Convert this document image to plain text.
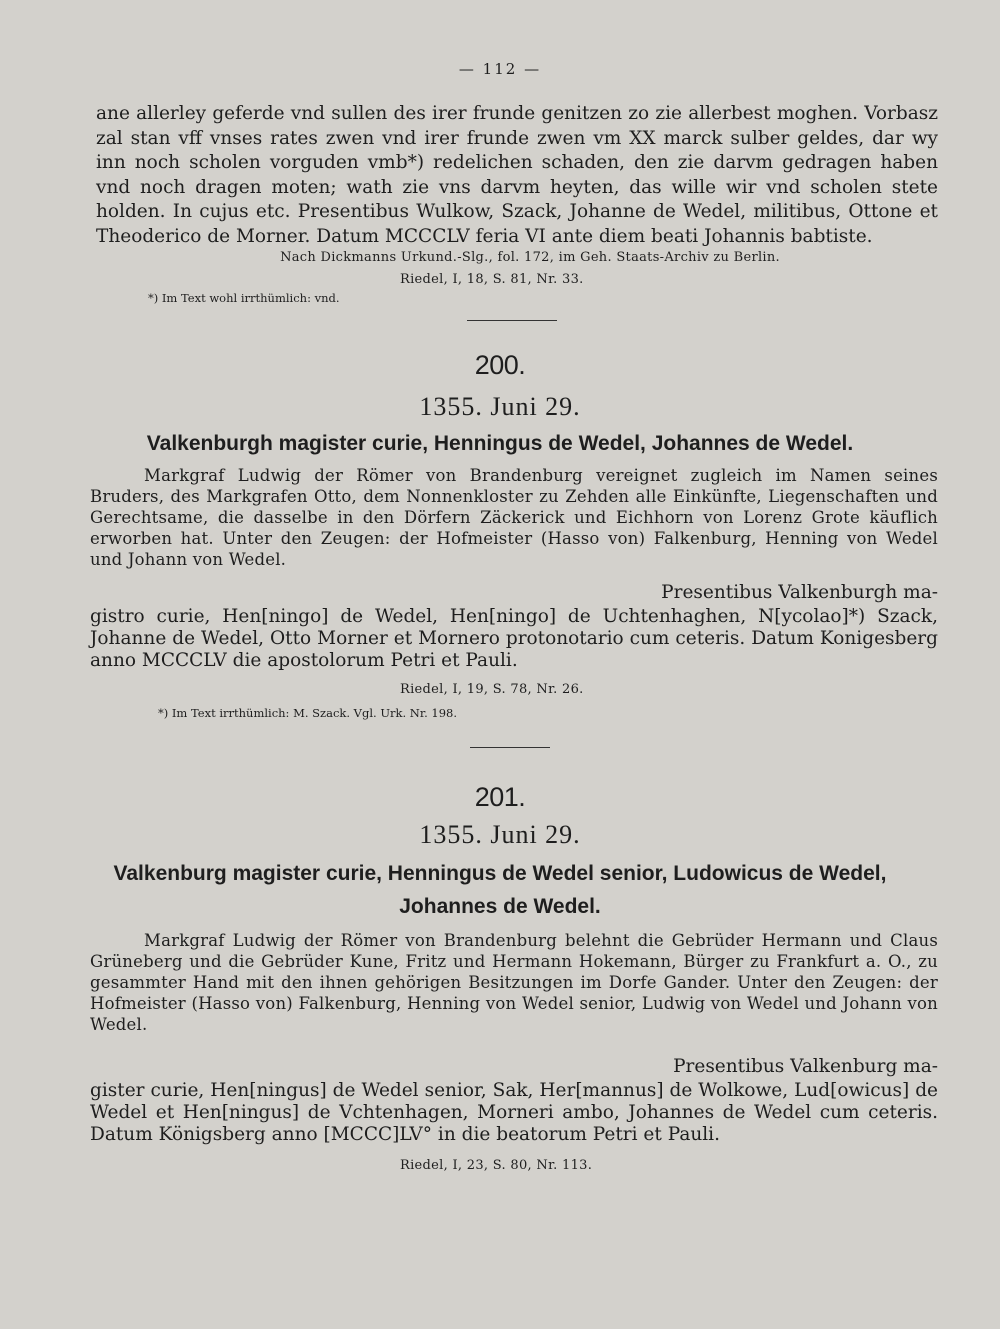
— 112 —

ane allerley geferde vnd sullen des irer frunde genitzen zo zie allerbest moghen. Vorbasz zal stan vff vnses rates zwen vnd irer frunde zwen vm XX marck sulber geldes, dar wy inn noch scholen vorguden vmb*) redelichen schaden, den zie darvm gedragen haben vnd noch dragen moten; wath zie vns darvm heyten, das wille wir vnd scholen stete holden. In cujus etc. Presentibus Wulkow, Szack, Johanne de Wedel, militibus, Ottone et Theoderico de Morner. Datum MCCCLV feria VI ante diem beati Johannis babtiste.

Nach Dickmanns Urkund.-Slg., fol. 172, im Geh. Staats-Archiv zu Berlin.
Riedel, I, 18, S. 81, Nr. 33.
*) Im Text wohl irrthümlich: vnd.
200.
1355. Juni 29.
Valkenburgh magister curie, Henningus de Wedel, Johannes de Wedel.

Markgraf Ludwig der Römer von Brandenburg vereignet zugleich im Namen seines Bruders, des Markgrafen Otto, dem Nonnenkloster zu Zehden alle Einkünfte, Liegenschaften und Gerechtsame, die dasselbe in den Dörfern Zäckerick und Eichhorn von Lorenz Grote käuflich erworben hat. Unter den Zeugen: der Hofmeister (Hasso von) Falkenburg, Henning von Wedel und Johann von Wedel.

Presentibus Valkenburgh ma-

gistro curie, Hen[ningo] de Wedel, Hen[ningo] de Uchtenhaghen, N[ycolao]*) Szack, Johanne de Wedel, Otto Morner et Mornero protonotario cum ceteris. Datum Konigesberg anno MCCCLV die apostolorum Petri et Pauli.

Riedel, I, 19, S. 78, Nr. 26.
*) Im Text irrthümlich: M. Szack. Vgl. Urk. Nr. 198.
201.
1355. Juni 29.
Valkenburg magister curie, Henningus de Wedel senior, Ludowicus de Wedel,
Johannes de Wedel.

Markgraf Ludwig der Römer von Brandenburg belehnt die Gebrüder Hermann und Claus Grüneberg und die Gebrüder Kune, Fritz und Hermann Hokemann, Bürger zu Frankfurt a. O., zu gesammter Hand mit den ihnen gehörigen Besitzungen im Dorfe Gander. Unter den Zeugen: der Hofmeister (Hasso von) Falkenburg, Henning von Wedel senior, Ludwig von Wedel und Johann von Wedel.

Presentibus Valkenburg ma-

gister curie, Hen[ningus] de Wedel senior, Sak, Her[mannus] de Wolkowe, Lud[owicus] de Wedel et Hen[ningus] de Vchtenhagen, Morneri ambo, Johannes de Wedel cum ceteris. Datum Königsberg anno [MCCC]LV° in die beatorum Petri et Pauli.

Riedel, I, 23, S. 80, Nr. 113.
